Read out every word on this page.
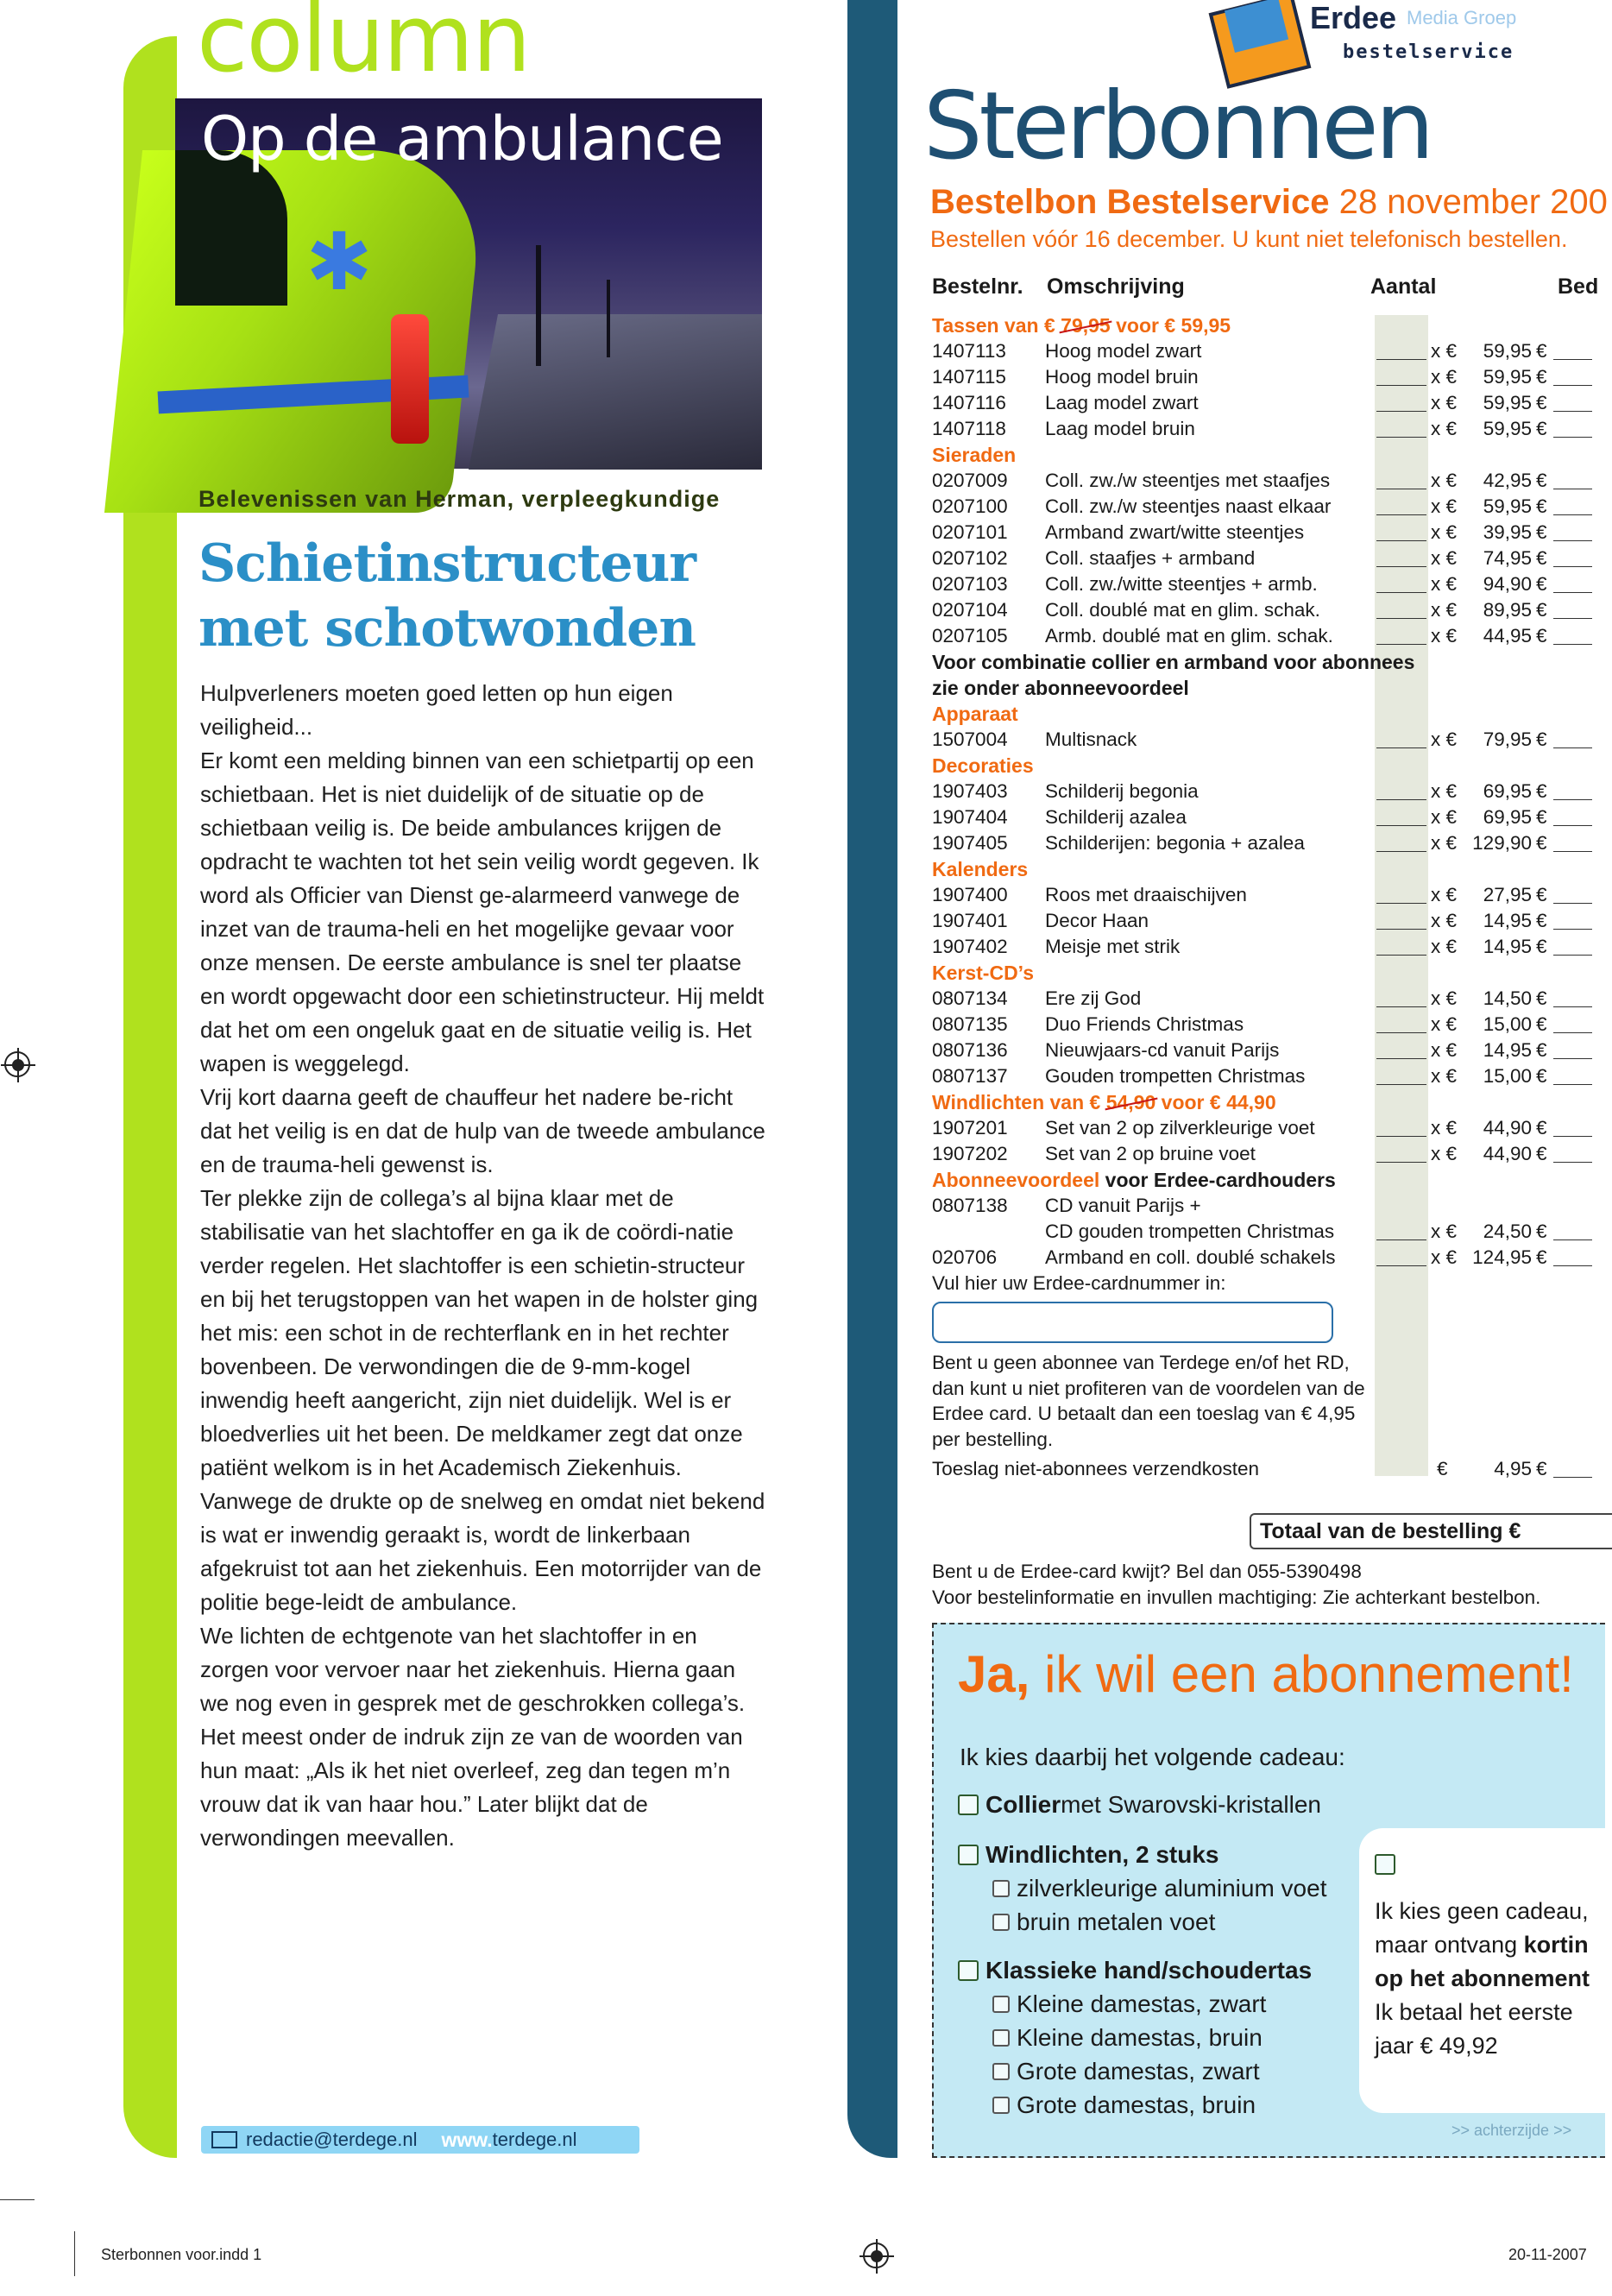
column
✱
Op de ambulance
Belevenissen van Herman, verpleegkundige
Schietinstructeur
met schotwonden

Hulpverleners moeten goed letten op hun eigen veiligheid...

Er komt een melding binnen van een schietpartij op een schietbaan. Het is niet duidelijk of de situatie op de schietbaan veilig is. De beide ambulances krijgen de opdracht te wachten tot het sein veilig wordt gegeven. Ik word als Officier van Dienst ge-alarmeerd vanwege de inzet van de trauma-heli en het mogelijke gevaar voor onze mensen. De eerste ambulance is snel ter plaatse en wordt opgewacht door een schietinstructeur. Hij meldt dat het om een ongeluk gaat en de situatie veilig is. Het wapen is weggelegd.

Vrij kort daarna geeft de chauffeur het nadere be-richt dat het veilig is en dat de hulp van de tweede ambulance en de trauma-heli gewenst is.

Ter plekke zijn de collega’s al bijna klaar met de stabilisatie van het slachtoffer en ga ik de coördi-natie verder regelen. Het slachtoffer is een schietin-structeur en bij het terugstoppen van het wapen in de holster ging het mis: een schot in de rechterflank en in het rechter bovenbeen. De verwondingen die de 9-mm-kogel inwendig heeft aangericht, zijn niet duidelijk. Wel is er bloedverlies uit het been. De meldkamer zegt dat onze patiënt welkom is in het Academisch Ziekenhuis. Vanwege de drukte op de snelweg en omdat niet bekend is wat er inwendig geraakt is, wordt de linkerbaan afgekruist tot aan het ziekenhuis. Een motorrijder van de politie bege-leidt de ambulance.

We lichten de echtgenote van het slachtoffer in en zorgen voor vervoer naar het ziekenhuis. Hierna gaan we nog even in gesprek met de geschrokken collega’s. Het meest onder de indruk zijn ze van de woorden van hun maat: „Als ik het niet overleef, zeg dan tegen m’n vrouw dat ik van haar hou.” Later blijkt dat de verwondingen meevallen.

redactie@terdege.nl www. terdege.nl
Erdee Media Groep
bestelservice
Sterbonnen
Bestelbon Bestelservice 28 november 200
Bestellen vóór 16 december. U kunt niet telefonisch bestellen.
Bestelnr. Omschrijving	Aantal	Bed
Tassen van € 79,95 voor € 59,95
1407113 Hoog model zwart	x €	59,95 €
1407115 Hoog model bruin	x €	59,95 €
1407116 Laag model zwart	x €	59,95 €
1407118 Laag model bruin	x €	59,95 €
Sieraden
0207009 Coll. zw./w steentjes met staafjes	x €	42,95 €
0207100 Coll. zw./w steentjes naast elkaar	x €	59,95 €
0207101 Armband zwart/witte steentjes	x €	39,95 €
0207102 Coll. staafjes + armband	x €	74,95 €
0207103 Coll. zw./witte steentjes + armb.	x €	94,90 €
0207104 Coll. doublé mat en glim. schak.	x €	89,95 €
0207105 Armb. doublé mat en glim. schak.	x €	44,95 €
Voor combinatie collier en armband voor abonnees
zie onder abonneevoordeel
Apparaat
1507004 Multisnack	x €	79,95 €
Decoraties
1907403 Schilderij begonia	x €	69,95 €
1907404 Schilderij azalea	x €	69,95 €
1907405 Schilderijen: begonia + azalea	x € 129,90 €
Kalenders
1907400 Roos met draaischijven	x €	27,95 €
1907401 Decor Haan	x €	14,95 €
1907402 Meisje met strik	x €	14,95 €
Kerst-CD’s
0807134 Ere zij God	x €	14,50 €
0807135 Duo Friends Christmas	x €	15,00 €
0807136 Nieuwjaars-cd vanuit Parijs	x €	14,95 €
0807137 Gouden trompetten Christmas	x €	15,00 €
Windlichten van € 54,90 voor € 44,90
1907201 Set van 2 op zilverkleurige voet	x €	44,90 €
1907202 Set van 2 op bruine voet	x €	44,90 €
Abonneevoordeel voor Erdee-cardhouders
0807138 CD vanuit Parijs +
CD gouden trompetten Christmas	x €	24,50 €
020706 Armband en coll. doublé schakels	x € 124,95 €
Vul hier uw Erdee-cardnummer in:
Bent u geen abonnee van Terdege en/of het RD, dan kunt u niet profiteren van de voordelen van de Erdee card. U betaalt dan een toeslag van € 4,95 per bestelling.
Toeslag niet-abonnees verzendkosten	€	4,95 €
Totaal van de bestelling €
Bent u de Erdee-card kwijt? Bel dan 055-5390498
Voor bestelinformatie en invullen machtiging: Zie achterkant bestelbon.
Ja, ik wil een abonnement!
Ik kies daarbij het volgende cadeau:
Collier met Swarovski-kristallen
Windlichten, 2 stuks
zilverkleurige aluminium voet
bruin metalen voet
Klassieke hand/schoudertas
Kleine damestas, zwart
Kleine damestas, bruin
Grote damestas, zwart
Grote damestas, bruin
Ik kies geen cadeau,
maar ontvang kortin
op het abonnement
Ik betaal het eerste
jaar € 49,92
>> achterzijde >>
Sterbonnen voor.indd 1	20-11-2007
